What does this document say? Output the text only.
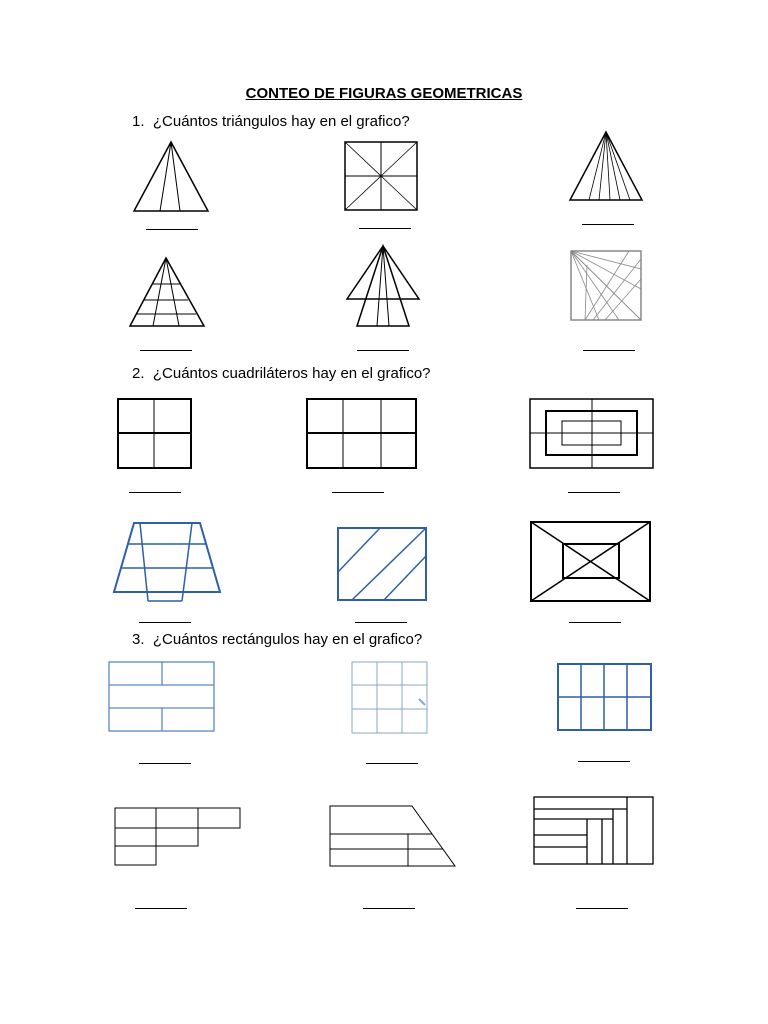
CONTEO DE FIGURAS GEOMETRICAS
1. ¿Cuántos triángulos hay en el grafico?
2. ¿Cuántos cuadriláteros hay en el grafico?
3. ¿Cuántos rectángulos hay en el grafico?
